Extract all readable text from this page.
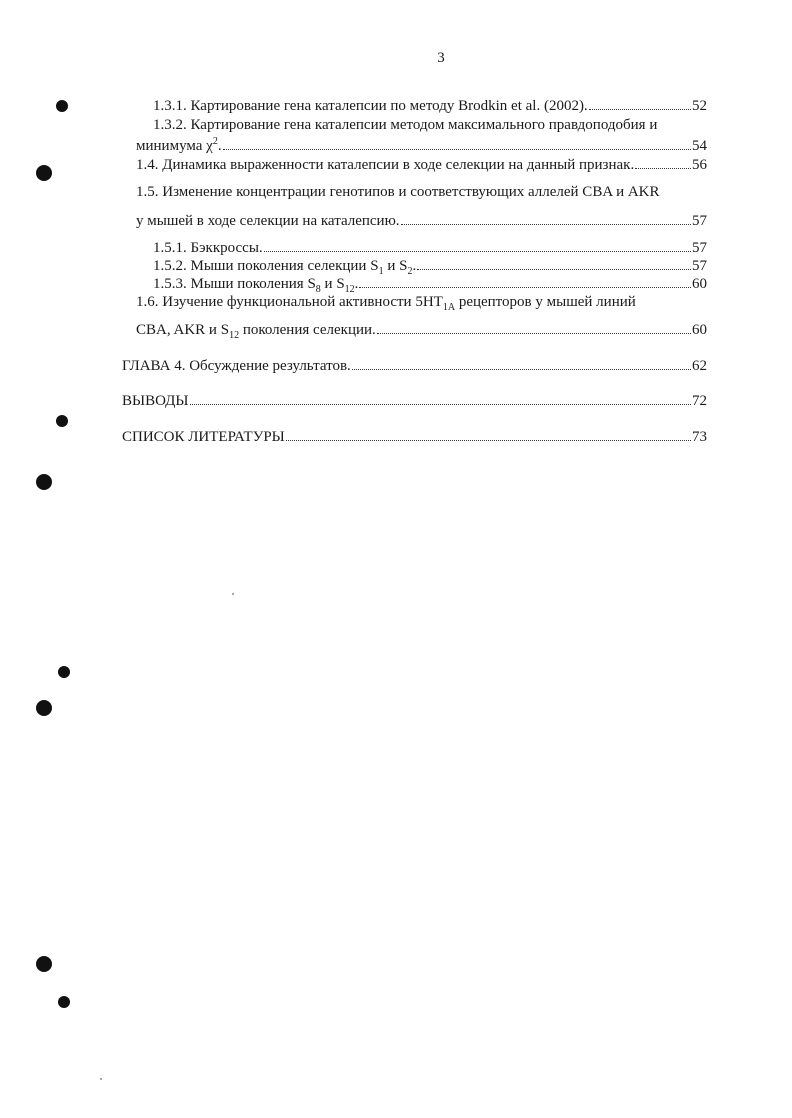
3
1.3.1. Картирование гена каталепсии по методу Brodkin et al. (2002).	52
1.3.2. Картирование гена каталепсии методом максимального правдоподобия и
минимума $\chi^2$.	54
1.4. Динамика выраженности каталепсии в ходе селекции на данный признак.	56
1.5. Изменение концентрации генотипов и соответствующих аллелей CBA и AKR
у мышей в ходе селекции на каталепсию.	57
1.5.1. Бэккроссы.	57
1.5.2. Мыши поколения селекции $S_1$ и $S_2$.	57
1.5.3. Мыши поколения $S_8$ и $S_{12}$.	60
1.6. Изучение функциональной активности $5HT_{1A}$ рецепторов у мышей линий
CBA, AKR и $S_{12}$ поколения селекции.	60
ГЛАВА 4. Обсуждение результатов.	62
ВЫВОДЫ	72
СПИСОК ЛИТЕРАТУРЫ	73
